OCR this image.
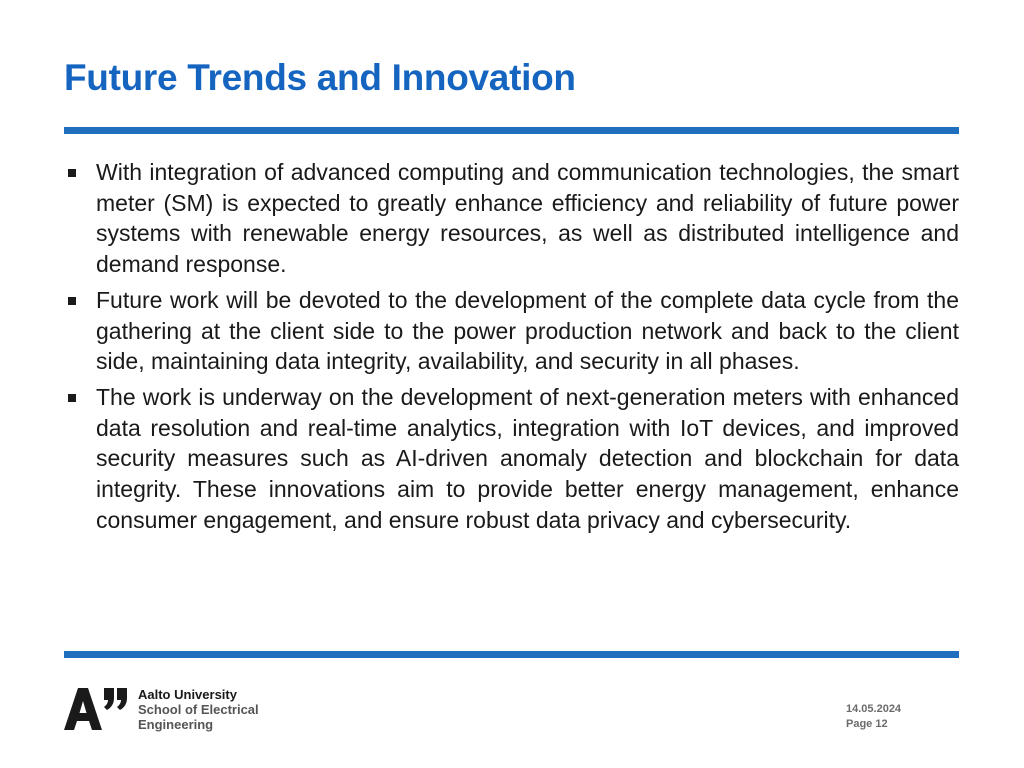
Future Trends and Innovation
With integration of advanced computing and communication technologies, the smart meter (SM) is expected to greatly enhance efficiency and reliability of future power systems with renewable energy resources, as well as distributed intelligence and demand response.
Future work will be devoted to the development of the complete data cycle from the gathering at the client side to the power production network and back to the client side, maintaining data integrity, availability, and security in all phases.
The work is underway on the development of next-generation meters with enhanced data resolution and real-time analytics, integration with IoT devices, and improved security measures such as AI-driven anomaly detection and blockchain for data integrity. These innovations aim to provide better energy management, enhance consumer engagement, and ensure robust data privacy and cybersecurity.
Aalto University
School of Electrical
Engineering
14.05.2024
Page 12
